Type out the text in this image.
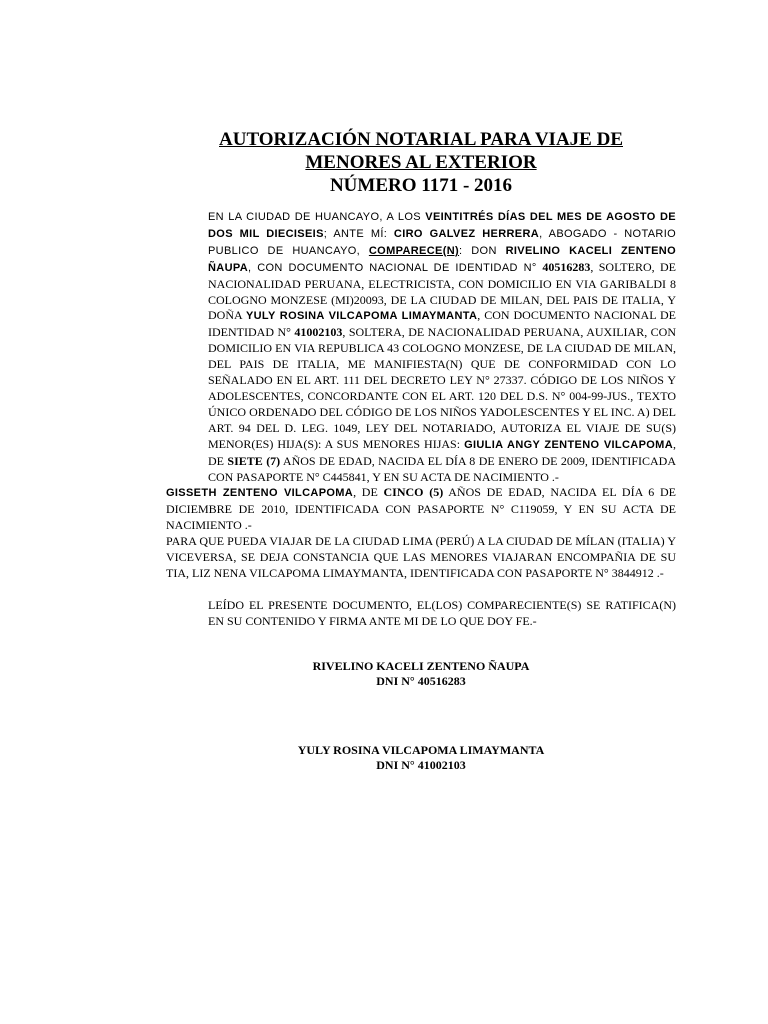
AUTORIZACIÓN NOTARIAL PARA VIAJE DE
MENORES AL EXTERIOR
NÚMERO 1171 - 2016

EN LA CIUDAD DE HUANCAYO, A LOS VEINTITRÉS DÍAS DEL MES DE AGOSTO DE DOS MIL DIECISEIS; ANTE MÍ: CIRO GALVEZ HERRERA, ABOGADO - NOTARIO PUBLICO DE HUANCAYO, COMPARECE(N): DON RIVELINO KACELI ZENTENO ÑAUPA, CON DOCUMENTO NACIONAL DE IDENTIDAD N° 40516283, SOLTERO, DE NACIONALIDAD PERUANA, ELECTRICISTA, CON DOMICILIO EN VIA GARIBALDI 8 COLOGNO MONZESE (MI)20093, DE LA CIUDAD DE MILAN, DEL PAIS DE ITALIA, Y DOÑA YULY ROSINA VILCAPOMA LIMAYMANTA, CON DOCUMENTO NACIONAL DE IDENTIDAD N° 41002103, SOLTERA, DE NACIONALIDAD PERUANA, AUXILIAR, CON DOMICILIO EN VIA REPUBLICA 43 COLOGNO MONZESE, DE LA CIUDAD DE MILAN, DEL PAIS DE ITALIA, ME MANIFIESTA(N) QUE DE CONFORMIDAD CON LO SEÑALADO EN EL ART. 111 DEL DECRETO LEY N° 27337. CÓDIGO DE LOS NIÑOS Y ADOLESCENTES, CONCORDANTE CON EL ART. 120 DEL D.S. N° 004-99-JUS., TEXTO ÚNICO ORDENADO DEL CÓDIGO DE LOS NIÑOS YADOLESCENTES Y EL INC. A) DEL ART. 94 DEL D. LEG. 1049, LEY DEL NOTARIADO, AUTORIZA EL VIAJE DE SU(S) MENOR(ES) HIJA(S): A SUS MENORES HIJAS: GIULIA ANGY ZENTENO VILCAPOMA, DE SIETE (7) AÑOS DE EDAD, NACIDA EL DÍA 8 DE ENERO DE 2009, IDENTIFICADA CON PASAPORTE N° C445841, Y EN SU ACTA DE NACIMIENTO .-

GISSETH ZENTENO VILCAPOMA, DE CINCO (5) AÑOS DE EDAD, NACIDA EL DÍA 6 DE DICIEMBRE DE 2010, IDENTIFICADA CON PASAPORTE N° C119059, Y EN SU ACTA DE NACIMIENTO .-

PARA QUE PUEDA VIAJAR DE LA CIUDAD LIMA (PERÚ) A LA CIUDAD DE MÍLAN (ITALIA) Y VICEVERSA, SE DEJA CONSTANCIA QUE LAS MENORES VIAJARAN ENCOMPAÑIA DE SU TIA, LIZ NENA VILCAPOMA LIMAYMANTA, IDENTIFICADA CON PASAPORTE N° 3844912 .-

LEÍDO EL PRESENTE DOCUMENTO, EL(LOS) COMPARECIENTE(S) SE RATIFICA(N) EN SU CONTENIDO Y FIRMA ANTE MI DE LO QUE DOY FE.-

RIVELINO KACELI ZENTENO ÑAUPA
DNI N° 40516283
YULY ROSINA VILCAPOMA LIMAYMANTA
DNI N° 41002103
